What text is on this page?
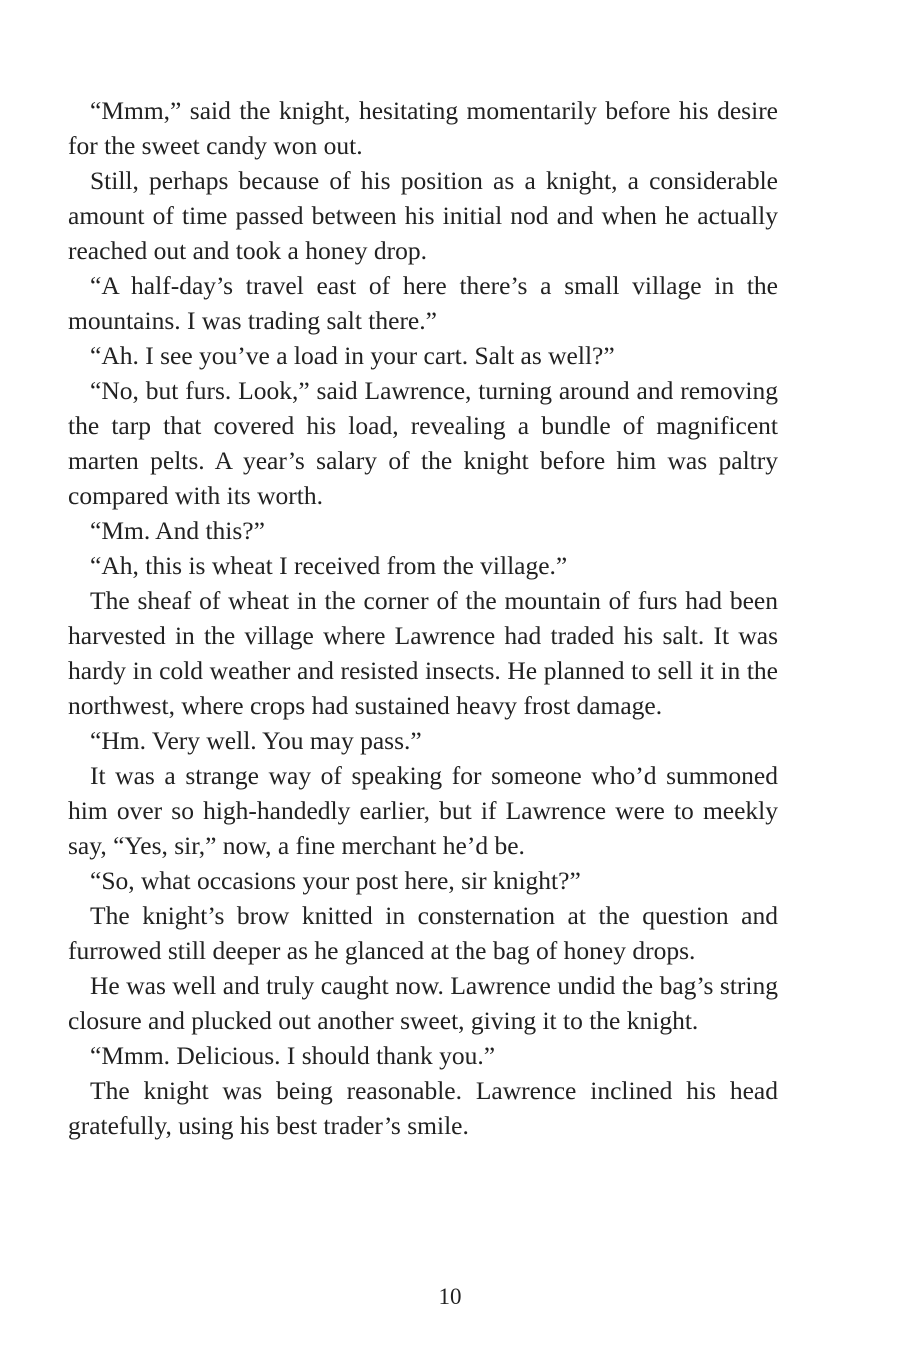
“Mmm,” said the knight, hesitating momentarily before his desire for the sweet candy won out.

Still, perhaps because of his position as a knight, a considerable amount of time passed between his initial nod and when he actually reached out and took a honey drop.

“A half-day’s travel east of here there’s a small village in the mountains. I was trading salt there.”

“Ah. I see you’ve a load in your cart. Salt as well?”

“No, but furs. Look,” said Lawrence, turning around and removing the tarp that covered his load, revealing a bundle of magnificent marten pelts. A year’s salary of the knight before him was paltry compared with its worth.

“Mm. And this?”

“Ah, this is wheat I received from the village.”

The sheaf of wheat in the corner of the mountain of furs had been harvested in the village where Lawrence had traded his salt. It was hardy in cold weather and resisted insects. He planned to sell it in the northwest, where crops had sustained heavy frost damage.

“Hm. Very well. You may pass.”

It was a strange way of speaking for someone who’d summoned him over so high-handedly earlier, but if Lawrence were to meekly say, “Yes, sir,” now, a fine merchant he’d be.

“So, what occasions your post here, sir knight?”

The knight’s brow knitted in consternation at the question and furrowed still deeper as he glanced at the bag of honey drops.

He was well and truly caught now. Lawrence undid the bag’s string closure and plucked out another sweet, giving it to the knight.

“Mmm. Delicious. I should thank you.”

The knight was being reasonable. Lawrence inclined his head gratefully, using his best trader’s smile.

10
